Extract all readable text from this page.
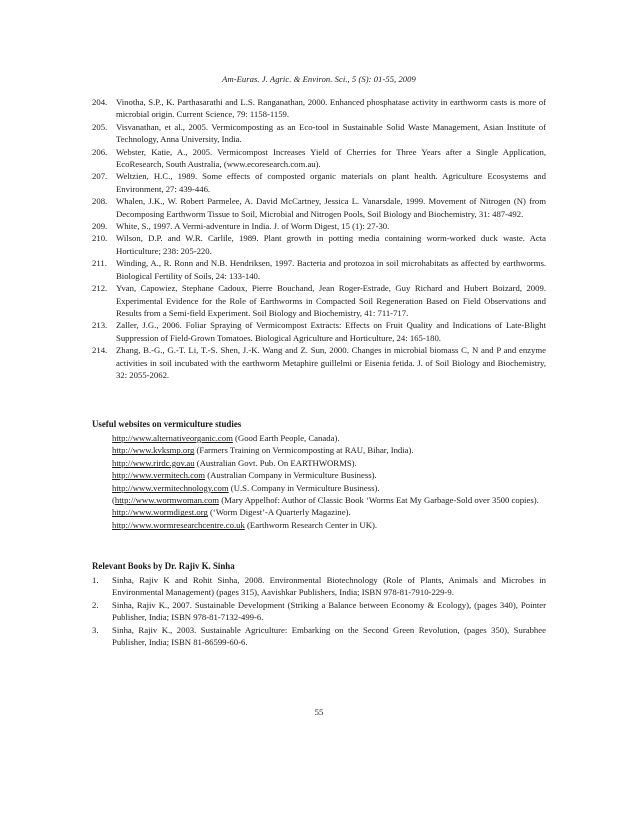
Am-Euras. J. Agric. & Environ. Sci., 5 (S): 01-55, 2009
204. Vinotha, S.P., K. Parthasarathi and L.S. Ranganathan, 2000. Enhanced phosphatase activity in earthworm casts is more of microbial origin. Current Science, 79: 1158-1159.
205. Visvanathan, et al., 2005. Vermicomposting as an Eco-tool in Sustainable Solid Waste Management, Asian Institute of Technology, Anna University, India.
206. Webster, Katie, A., 2005. Vermicompost Increases Yield of Cherries for Three Years after a Single Application, EcoResearch, South Australia, (www.ecoresearch.com.au).
207. Weltzien, H.C., 1989. Some effects of composted organic materials on plant health. Agriculture Ecosystems and Environment, 27: 439-446.
208. Whalen, J.K., W. Robert Parmelee, A. David McCartney, Jessica L. Vanarsdale, 1999. Movement of Nitrogen (N) from Decomposing Earthworm Tissue to Soil, Microbial and Nitrogen Pools, Soil Biology and Biochemistry, 31: 487-492.
209. White, S., 1997. A Vermi-adventure in India. J. of Worm Digest, 15 (1): 27-30.
210. Wilson, D.P. and W.R. Carlile, 1989. Plant growth in potting media containing worm-worked duck waste. Acta Horticulture; 238: 205-220.
211. Winding, A., R. Ronn and N.B. Hendriksen, 1997. Bacteria and protozoa in soil microhabitats as affected by earthworms. Biological Fertility of Soils, 24: 133-140.
212. Yvan, Capowiez, Stephane Cadoux, Pierre Bouchand, Jean Roger-Estrade, Guy Richard and Hubert Boizard, 2009. Experimental Evidence for the Role of Earthworms in Compacted Soil Regeneration Based on Field Observations and Results from a Semi-field Experiment. Soil Biology and Biochemistry, 41: 711-717.
213. Zaller, J.G., 2006. Foliar Spraying of Vermicompost Extracts: Effects on Fruit Quality and Indications of Late-Blight Suppression of Field-Grown Tomatoes. Biological Agriculture and Horticulture, 24: 165-180.
214. Zhang, B.-G., G.-T. Li, T.-S. Shen, J.-K. Wang and Z. Sun, 2000. Changes in microbial biomass C, N and P and enzyme activities in soil incubated with the earthworm Metaphire guillelmi or Eisenia fetida. J. of Soil Biology and Biochemistry, 32: 2055-2062.
Useful websites on vermiculture studies
http://www.alternativeorganic.com (Good Earth People, Canada).
http://www.kvksmp.org (Farmers Training on Vermicomposting at RAU, Bihar, India).
http://www.rirdc.gov.au (Australian Govt. Pub. On EARTHWORMS).
http://www.vermitech.com (Australian Company in Vermiculture Business).
http://www.vermitechnology.com (U.S. Company in Vermiculture Business).
(http://www.wormwoman.com (Mary Appelhof: Author of Classic Book ‘Worms Eat My Garbage-Sold over 3500 copies).
http://www.wormdigest.org (‘Worm Digest’-A Quarterly Magazine).
http://www.wormresearchcentre.co.uk (Earthworm Research Center in UK).
Relevant Books by Dr. Rajiv K. Sinha
1. Sinha, Rajiv K and Rohit Sinha, 2008. Environmental Biotechnology (Role of Plants, Animals and Microbes in Environmental Management) (pages 315), Aavishkar Publishers, India; ISBN 978-81-7910-229-9.
2. Sinha, Rajiv K., 2007. Sustainable Development (Striking a Balance between Economy & Ecology), (pages 340), Pointer Publisher, India; ISBN 978-81-7132-499-6.
3. Sinha, Rajiv K., 2003. Sustainable Agriculture: Embarking on the Second Green Revolution, (pages 350), Surabhee Publisher, India; ISBN 81-86599-60-6.
55
